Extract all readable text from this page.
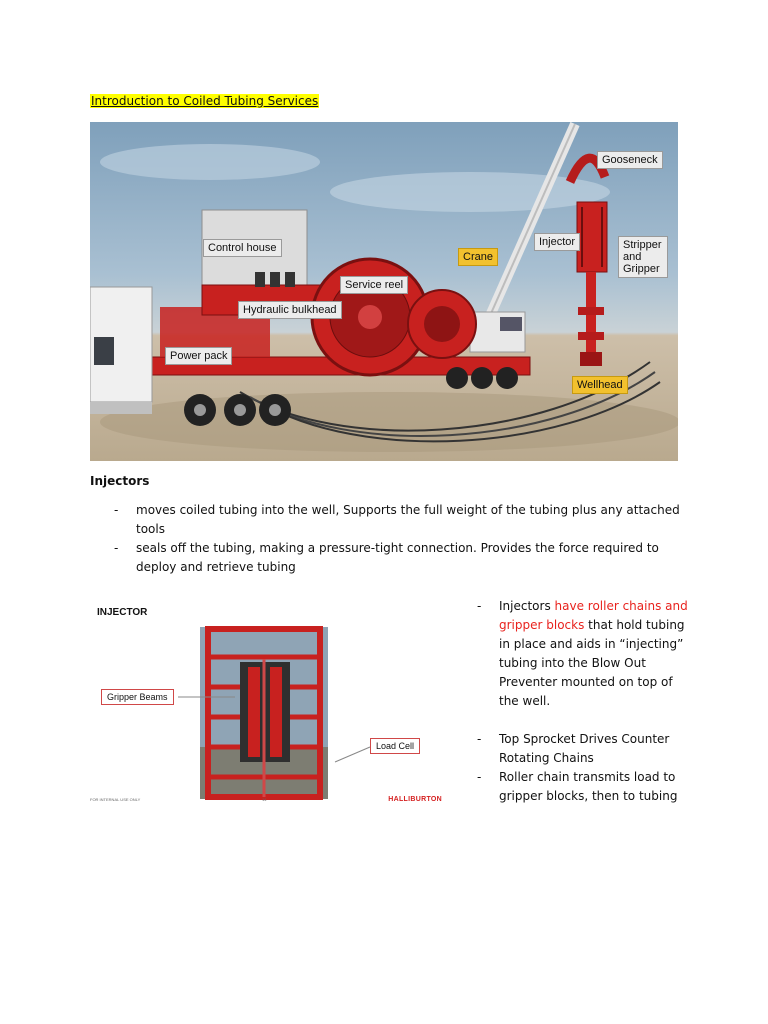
Introduction to Coiled Tubing Services
Gooseneck
Control house	Injector	Stripper and Gripper
Crane
Service reel
Hydraulic bulkhead
Power pack
Wellhead
Injectors
- moves coiled tubing into the well, Supports the full weight of the tubing plus any attached tools
- seals off the tubing, making a pressure-tight connection. Provides the force required to deploy and retrieve tubing
INJECTOR
Gripper Beams
Load Cell
FOR INTERNAL USE ONLY	14	HALLIBURTON
- Injectors have roller chains and gripper blocks that hold tubing in place and aids in “injecting” tubing into the Blow Out Preventer mounted on top of the well.
- Top Sprocket Drives Counter Rotating Chains
- Roller chain transmits load to gripper blocks, then to tubing
